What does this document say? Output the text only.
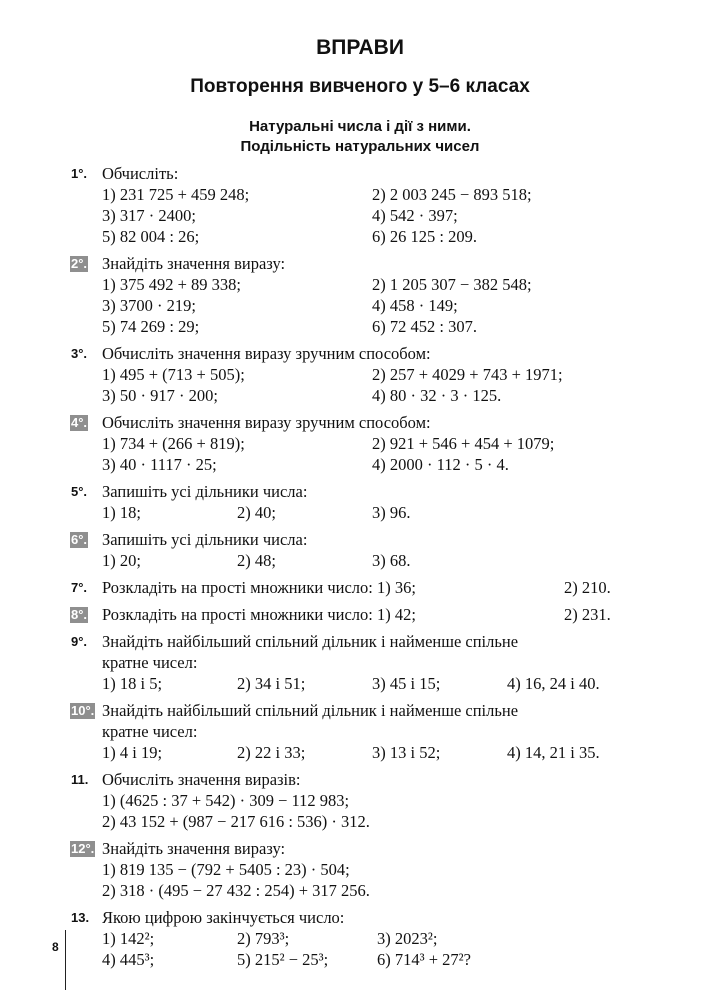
ВПРАВИ
Повторення вивченого у 5–6 класах
Натуральні числа і дії з ними.
Подільність натуральних чисел
1°. Обчисліть:
1) 231 725 + 459 248;	2) 2 003 245 − 893 518;
3) 317 · 2400;	4) 542 · 397;
5) 82 004 : 26;	6) 26 125 : 209.
2°. Знайдіть значення виразу:
1) 375 492 + 89 338;	2) 1 205 307 − 382 548;
3) 3700 · 219;	4) 458 · 149;
5) 74 269 : 29;	6) 72 452 : 307.
3°. Обчисліть значення виразу зручним способом:
1) 495 + (713 + 505);	2) 257 + 4029 + 743 + 1971;
3) 50 · 917 · 200;	4) 80 · 32 · 3 · 125.
4°. Обчисліть значення виразу зручним способом:
1) 734 + (266 + 819);	2) 921 + 546 + 454 + 1079;
3) 40 · 1117 · 25;	4) 2000 · 112 · 5 · 4.
5°. Запишіть усі дільники числа:
1) 18;	2) 40;	3) 96.
6°. Запишіть усі дільники числа:
1) 20;	2) 48;	3) 68.
7°. Розкладіть на прості множники число: 1) 36;	2) 210.
8°. Розкладіть на прості множники число: 1) 42;	2) 231.
9°. Знайдіть найбільший спільний дільник і найменше спільне
кратне чисел:
1) 18 і 5;	2) 34 і 51;	3) 45 і 15;	4) 16, 24 і 40.
10°. Знайдіть найбільший спільний дільник і найменше спільне
кратне чисел:
1) 4 і 19;	2) 22 і 33;	3) 13 і 52;	4) 14, 21 і 35.
11. Обчисліть значення виразів:
1) (4625 : 37 + 542) · 309 − 112 983;
2) 43 152 + (987 − 217 616 : 536) · 312.
12°. Знайдіть значення виразу:
1) 819 135 − (792 + 5405 : 23) · 504;
2) 318 · (495 − 27 432 : 254) + 317 256.
13. Якою цифрою закінчується число:
1) 142²;	2) 793³;	3) 2023²;
4) 445³;	5) 215² − 25³;	6) 714³ + 27²?
8
